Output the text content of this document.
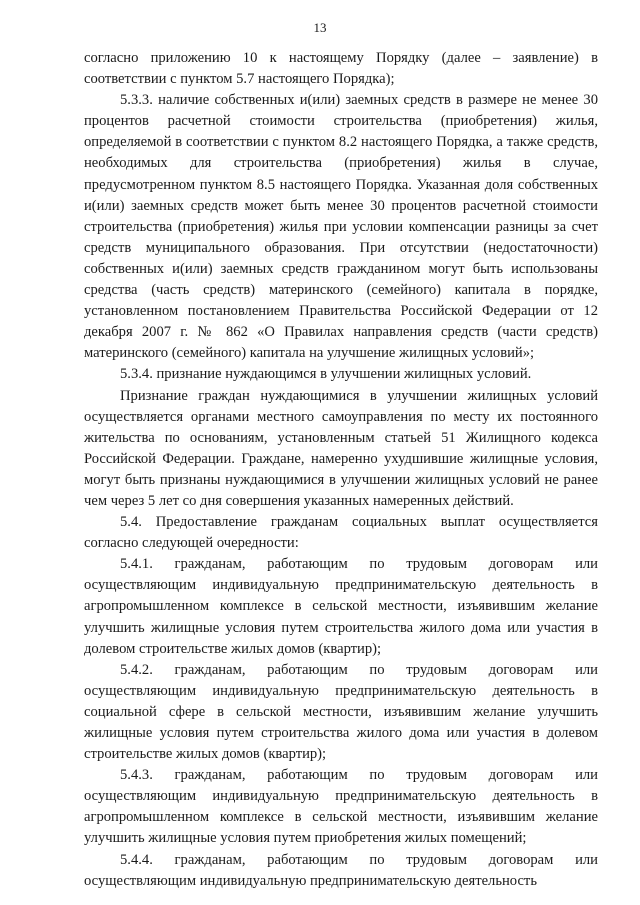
13

согласно приложению 10 к настоящему Порядку (далее – заявление) в соответствии с пунктом 5.7 настоящего Порядка);

5.3.3. наличие собственных и(или) заемных средств в размере не менее 30 процентов расчетной стоимости строительства (приобретения) жилья, определяемой в соответствии с пунктом 8.2 настоящего Порядка, а также средств, необходимых для строительства (приобретения) жилья в случае, предусмотренном пунктом 8.5 настоящего Порядка. Указанная доля собственных и(или) заемных средств может быть менее 30 процентов расчетной стоимости строительства (приобретения) жилья при условии компенсации разницы за счет средств муниципального образования. При отсутствии (недостаточности) собственных и(или) заемных средств гражданином могут быть использованы средства (часть средств) материнского (семейного) капитала в порядке, установленном постановлением Правительства Российской Федерации от 12 декабря 2007 г. № 862 «О Правилах направления средств (части средств) материнского (семейного) капитала на улучшение жилищных условий»;

5.3.4. признание нуждающимся в улучшении жилищных условий.

Признание граждан нуждающимися в улучшении жилищных условий осуществляется органами местного самоуправления по месту их постоянного жительства по основаниям, установленным статьей 51 Жилищного кодекса Российской Федерации. Граждане, намеренно ухудшившие жилищные условия, могут быть признаны нуждающимися в улучшении жилищных условий не ранее чем через 5 лет со дня совершения указанных намеренных действий.

5.4. Предоставление гражданам социальных выплат осуществляется согласно следующей очередности:

5.4.1. гражданам, работающим по трудовым договорам или осуществляющим индивидуальную предпринимательскую деятельность в агропромышленном комплексе в сельской местности, изъявившим желание улучшить жилищные условия путем строительства жилого дома или участия в долевом строительстве жилых домов (квартир);

5.4.2. гражданам, работающим по трудовым договорам или осуществляющим индивидуальную предпринимательскую деятельность в социальной сфере в сельской местности, изъявившим желание улучшить жилищные условия путем строительства жилого дома или участия в долевом строительстве жилых домов (квартир);

5.4.3. гражданам, работающим по трудовым договорам или осуществляющим индивидуальную предпринимательскую деятельность в агропромышленном комплексе в сельской местности, изъявившим желание улучшить жилищные условия путем приобретения жилых помещений;

5.4.4. гражданам, работающим по трудовым договорам или осуществляющим индивидуальную предпринимательскую деятельность
